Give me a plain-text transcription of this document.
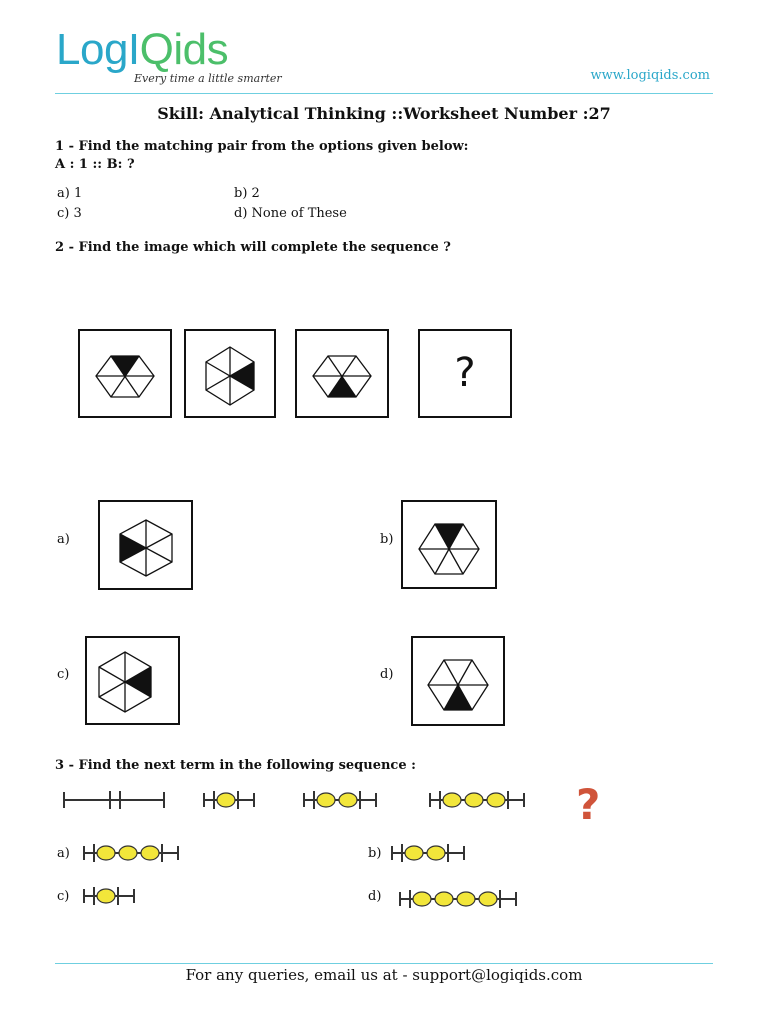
LogIQids
Every time a little smarter	www.logiqids.com
Skill: Analytical Thinking ::Worksheet Number :27
1 - Find the matching pair from the options given below:
A : 1 :: B: ?
a) 1	b) 2
c) 3	d) None of These
2 - Find the image which will complete the sequence ?
?
a)	b)
c)	d)
3 - Find the next term in the following sequence :
?
a)	b)
c)	d)
For any queries, email us at - support@logiqids.com
